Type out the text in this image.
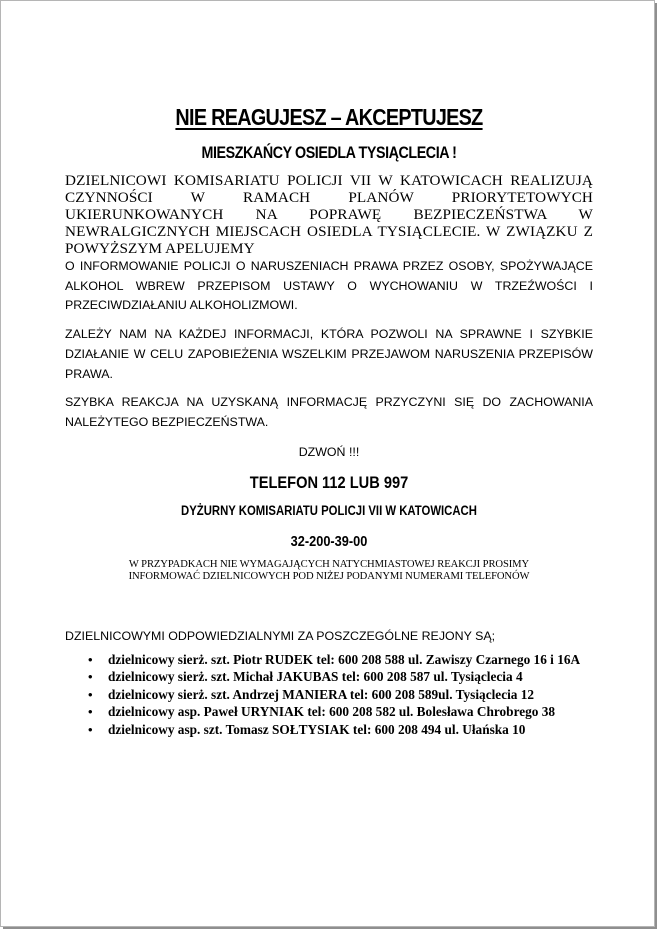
NIE REAGUJESZ – AKCEPTUJESZ
MIESZKAŃCY OSIEDLA TYSIĄCLECIA !

DZIELNICOWI KOMISARIATU POLICJI VII W KATOWICACH REALIZUJĄ CZYNNOŚCI W RAMACH PLANÓW PRIORYTETOWYCH UKIERUNKOWANYCH NA POPRAWĘ BEZPIECZEŃSTWA W NEWRALGICZNYCH MIEJSCACH OSIEDLA TYSIĄCLECIE. W ZWIĄZKU Z POWYŻSZYM APELUJEMY

O INFORMOWANIE POLICJI O NARUSZENIACH PRAWA PRZEZ OSOBY, SPOŻYWAJĄCE ALKOHOL WBREW PRZEPISOM USTAWY O WYCHOWANIU W TRZEŹWOŚCI I PRZECIWDZIAŁANIU ALKOHOLIZMOWI.

ZALEŻY NAM NA KAŻDEJ INFORMACJI, KTÓRA POZWOLI NA SPRAWNE I SZYBKIE DZIAŁANIE W CELU ZAPOBIEŻENIA WSZELKIM PRZEJAWOM NARUSZENIA PRZEPISÓW PRAWA.

SZYBKA REAKCJA NA UZYSKANĄ INFORMACJĘ PRZYCZYNI SIĘ DO ZACHOWANIA NALEŻYTEGO BEZPIECZEŃSTWA.

DZWOŃ !!!
TELEFON 112 LUB 997
DYŻURNY KOMISARIATU POLICJI VII W KATOWICACH
32-200-39-00
W PRZYPADKACH NIE WYMAGAJĄCYCH NATYCHMIASTOWEJ REAKCJI PROSIMY
INFORMOWAĆ DZIELNICOWYCH POD NIŻEJ PODANYMI NUMERAMI TELEFONÓW
DZIELNICOWYMI ODPOWIEDZIALNYMI ZA POSZCZEGÓLNE REJONY SĄ;
• dzielnicowy sierż. szt. Piotr RUDEK tel: 600 208 588 ul. Zawiszy Czarnego 16 i 16A
• dzielnicowy sierż. szt. Michał JAKUBAS tel: 600 208 587 ul. Tysiąclecia 4
• dzielnicowy sierż. szt. Andrzej MANIERA tel: 600 208 589ul. Tysiąclecia 12
• dzielnicowy asp. Paweł URYNIAK tel: 600 208 582 ul. Bolesława Chrobrego 38
• dzielnicowy asp. szt. Tomasz SOŁTYSIAK tel: 600 208 494 ul. Ułańska 10
